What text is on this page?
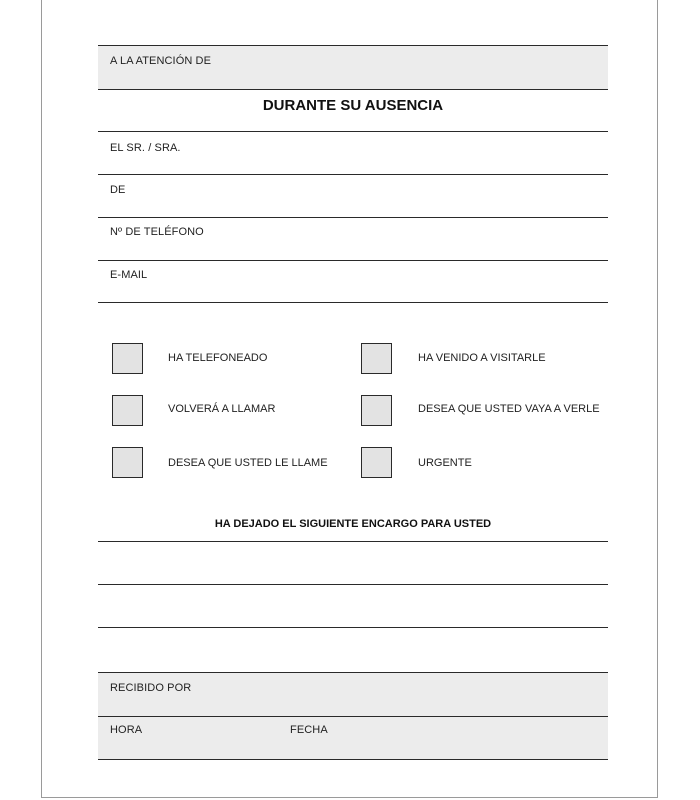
A LA ATENCIÓN DE
DURANTE SU AUSENCIA
EL SR. / SRA.
DE
Nº DE TELÉFONO
E-MAIL
HA TELEFONEADO
VOLVERÁ A LLAMAR
DESEA QUE USTED LE LLAME
HA VENIDO A VISITARLE
DESEA QUE USTED VAYA A VERLE
URGENTE
HA DEJADO EL SIGUIENTE ENCARGO PARA USTED
RECIBIDO POR
HORA	FECHA
